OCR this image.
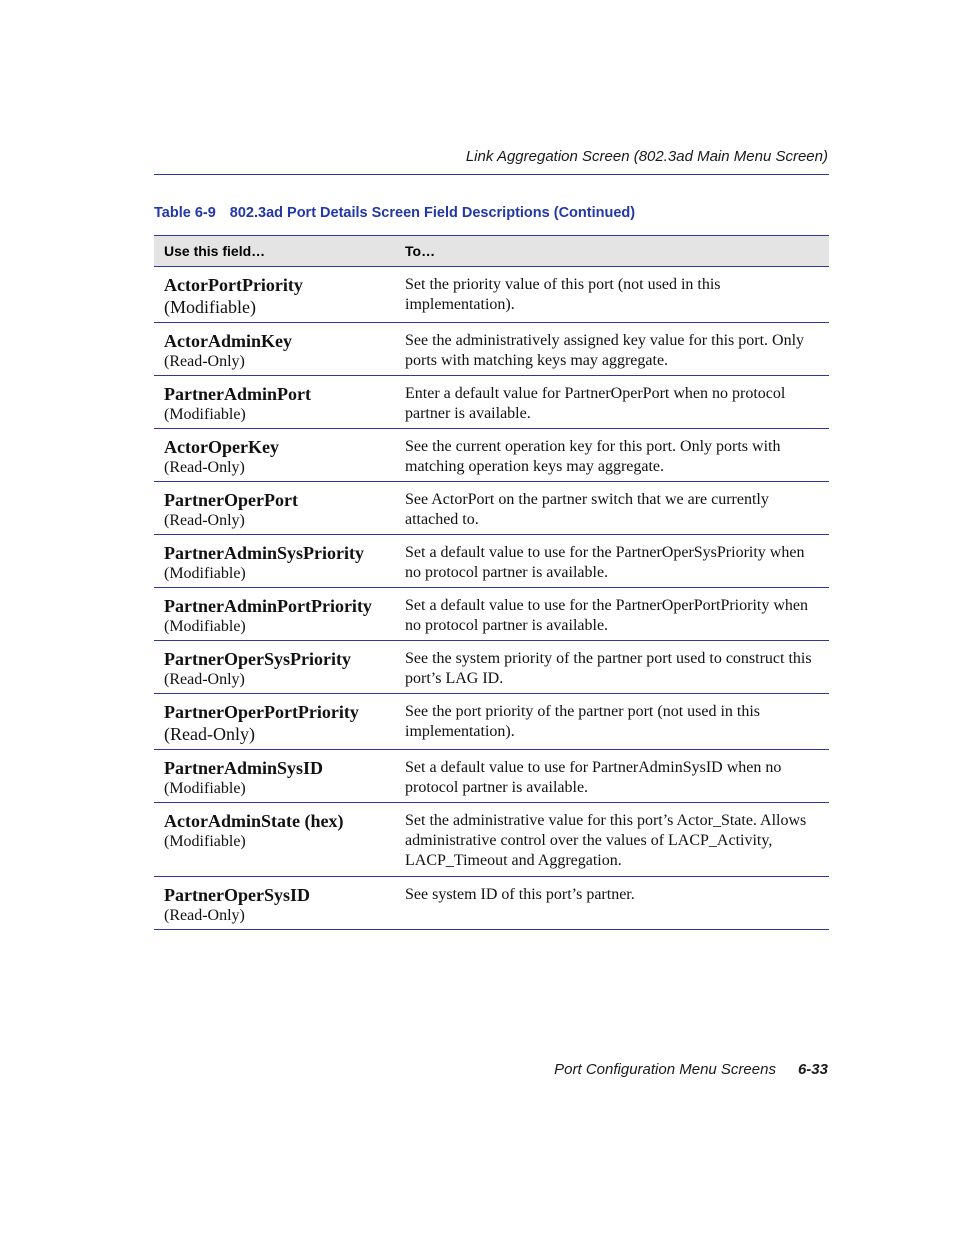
Link Aggregation Screen (802.3ad Main Menu Screen)
Table 6-9 802.3ad Port Details Screen Field Descriptions (Continued)
Use this field…	To…

ActorPortPriority
(Modifiable)	Set the priority value of this port (not used in this implementation).

ActorAdminKey
(Read-Only)	See the administratively assigned key value for this port. Only ports with matching keys may aggregate.

PartnerAdminPort
(Modifiable)	Enter a default value for PartnerOperPort when no protocol partner is available.

ActorOperKey
(Read-Only)	See the current operation key for this port. Only ports with matching operation keys may aggregate.

PartnerOperPort
(Read-Only)	See ActorPort on the partner switch that we are currently attached to.

PartnerAdminSysPriority
(Modifiable)	Set a default value to use for the PartnerOperSysPriority when no protocol partner is available.

PartnerAdminPortPriority
(Modifiable)	Set a default value to use for the PartnerOperPortPriority when no protocol partner is available.

PartnerOperSysPriority
(Read-Only)	See the system priority of the partner port used to construct this port’s LAG ID.

PartnerOperPortPriority
(Read-Only)	See the port priority of the partner port (not used in this implementation).

PartnerAdminSysID
(Modifiable)	Set a default value to use for PartnerAdminSysID when no protocol partner is available.

ActorAdminState (hex)
(Modifiable)	Set the administrative value for this port’s Actor_State. Allows administrative control over the values of LACP_Activity, LACP_Timeout and Aggregation.

PartnerOperSysID
(Read-Only)	See system ID of this port’s partner.
Port Configuration Menu Screens 6-33
